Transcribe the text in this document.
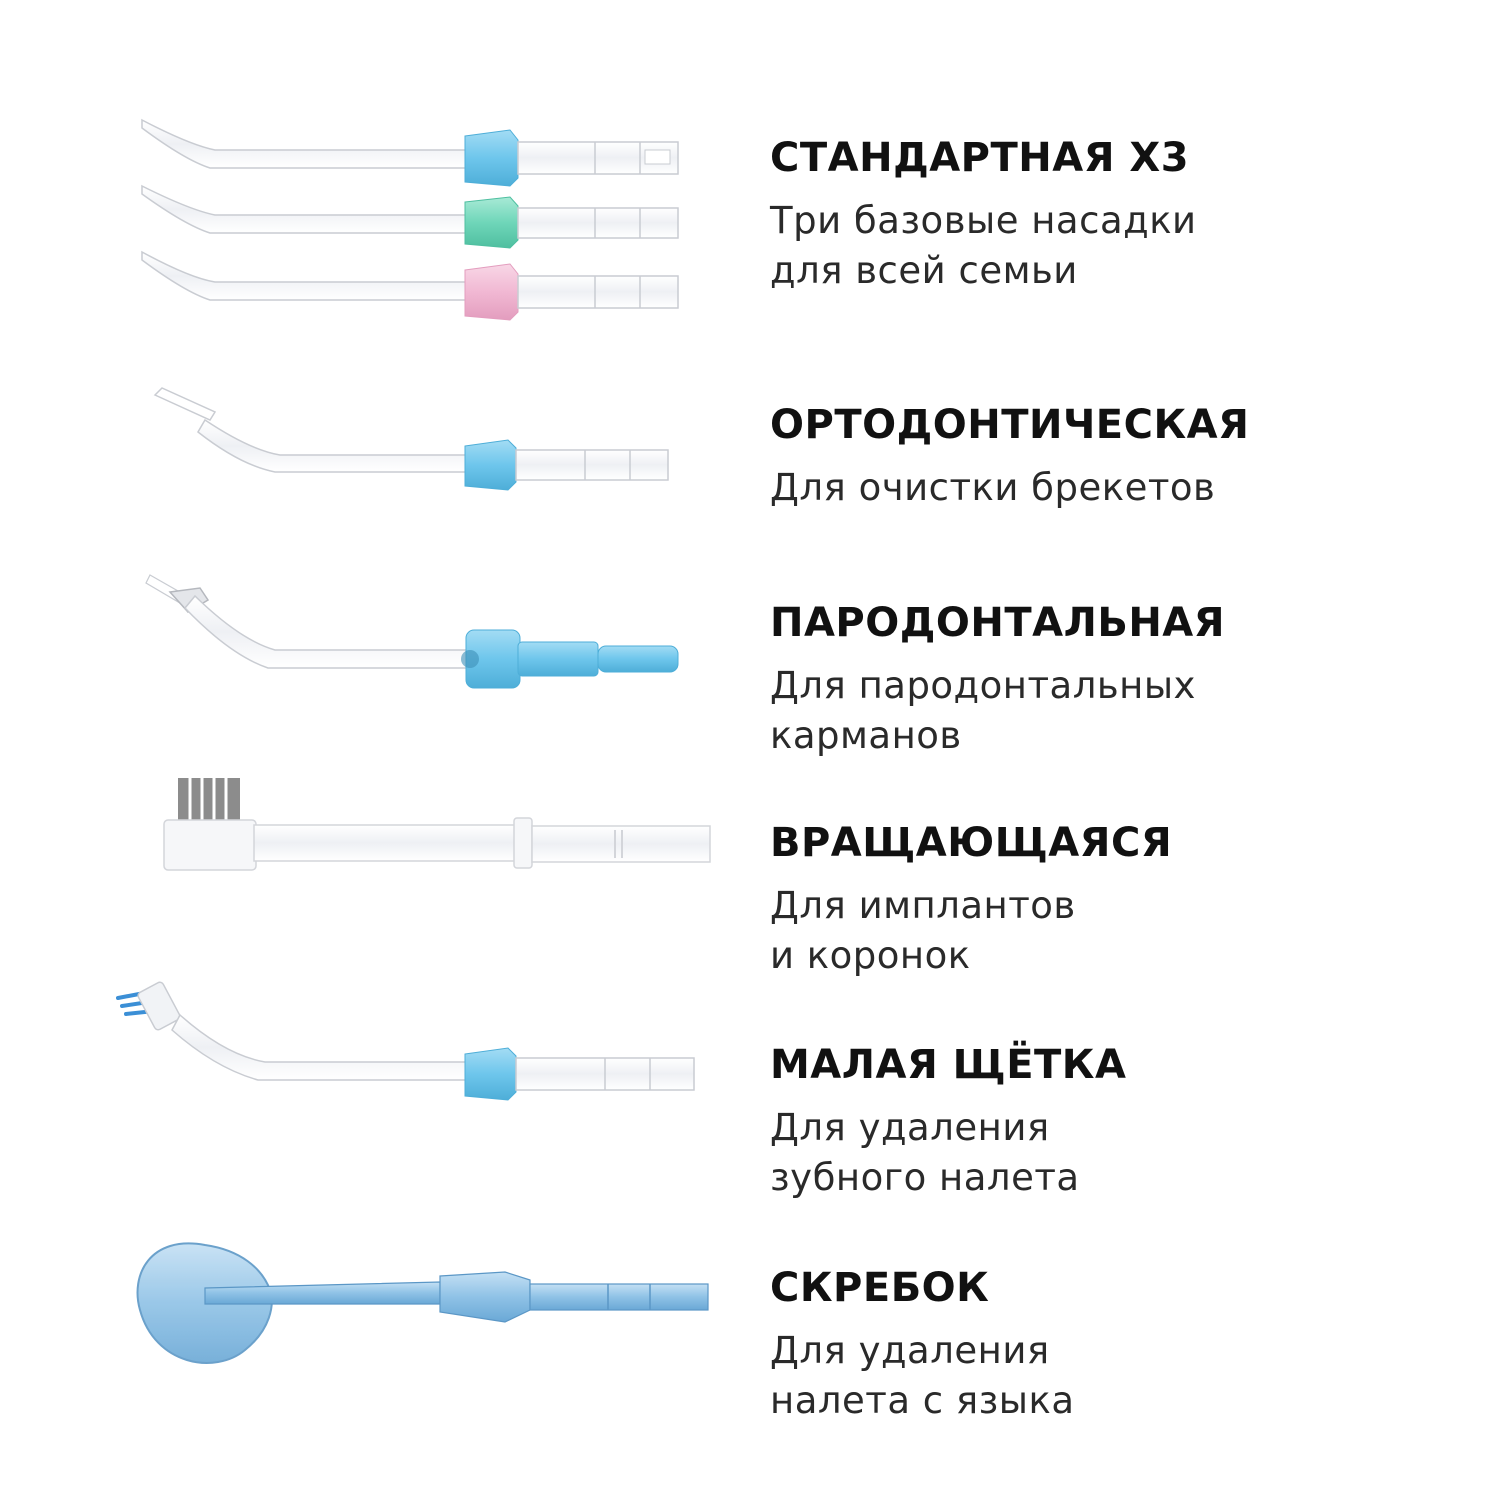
СТАНДАРТНАЯ Х3
Три базовые насадки
для всей семьи
ОРТОДОНТИЧЕСКАЯ
Для очистки брекетов
ПАРОДОНТАЛЬНАЯ
Для пародонтальных
карманов
ВРАЩАЮЩАЯСЯ
Для имплантов
и коронок
МАЛАЯ ЩЁТКА
Для удаления
зубного налета
СКРЕБОК
Для удаления
налета с языка
